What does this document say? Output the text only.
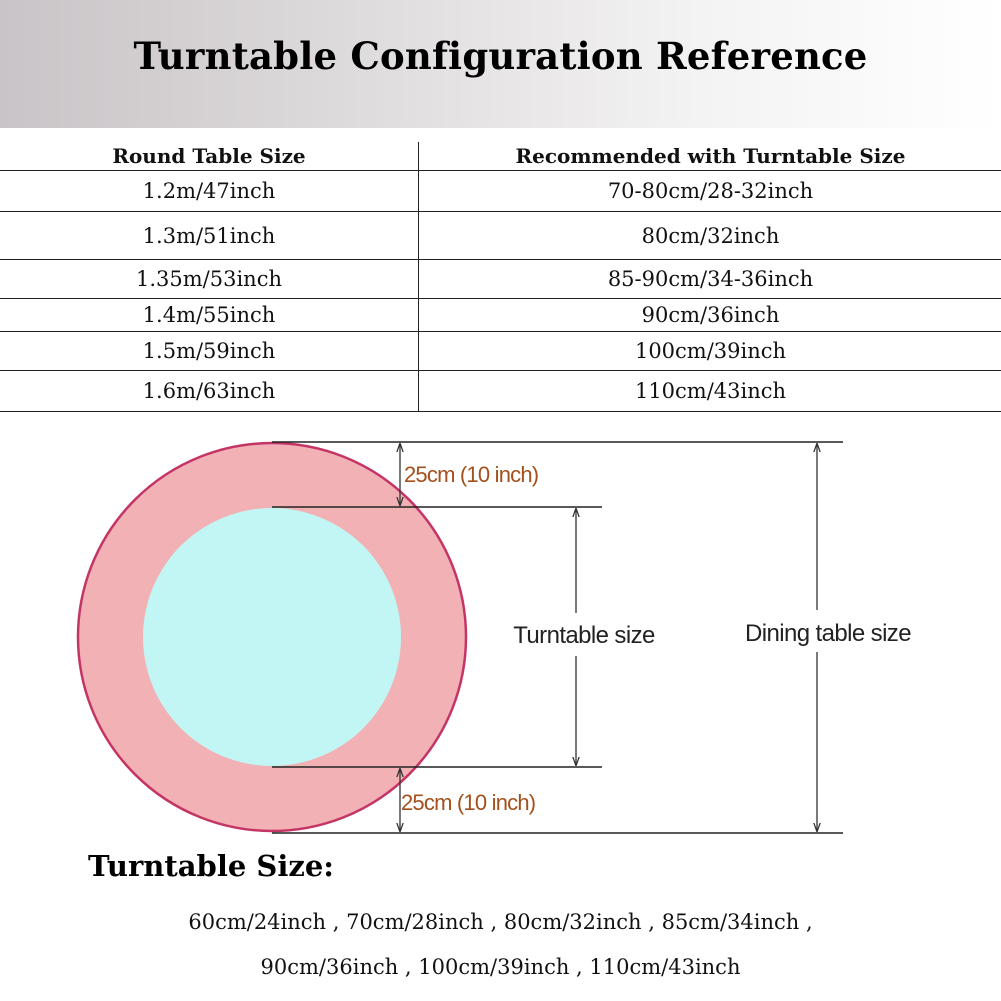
Turntable Configuration Reference
Round Table Size	Recommended with Turntable Size
1.2m/47inch	70-80cm/28-32inch
1.3m/51inch	80cm/32inch
1.35m/53inch	85-90cm/34-36inch
1.4m/55inch	90cm/36inch
1.5m/59inch	100cm/39inch
1.6m/63inch	110cm/43inch
25cm (10 inch)
25cm (10 inch)
Turntable size	Dining table size
Turntable Size:

60cm/24inch , 70cm/28inch , 80cm/32inch , 85cm/34inch ,

90cm/36inch , 100cm/39inch , 110cm/43inch
